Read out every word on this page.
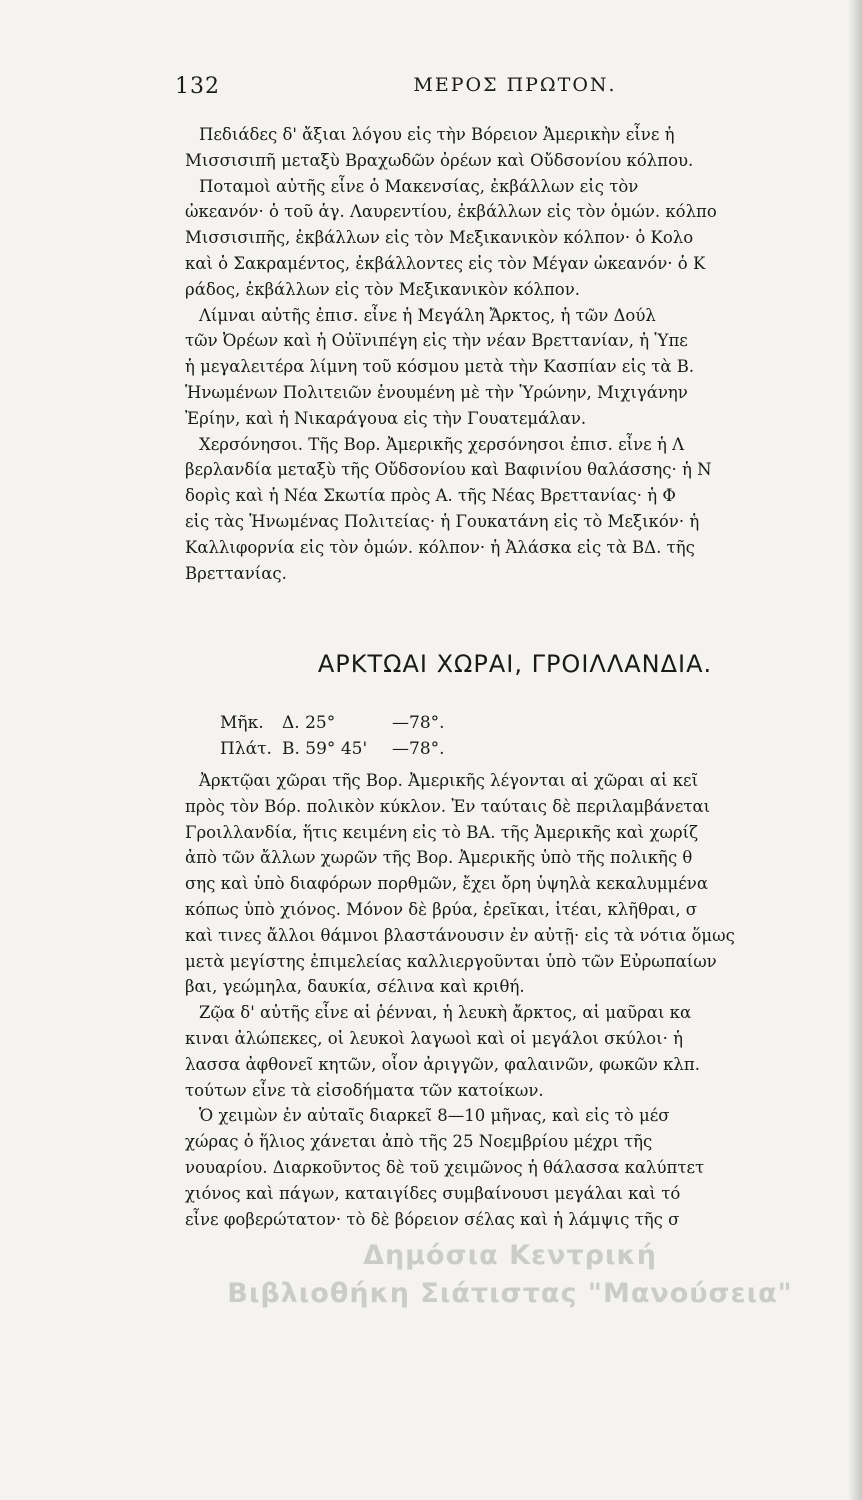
132	ΜΕΡΟΣ ΠΡΩΤΟΝ.

Πεδιάδες δ' ἄξιαι λόγου εἰς τὴν Βόρειον Ἀμερικὴν εἶνε ἡ

Μισσισιπῆ μεταξὺ Βραχωδῶν ὀρέων καὶ Οὔδσονίου κόλπου.

Ποταμοὶ αὐτῆς εἶνε ὁ Μακενσίας, ἐκβάλλων εἰς τὸν

ὠκεανόν· ὁ τοῦ ἁγ. Λαυρεντίου, ἐκβάλλων εἰς τὸν ὁμών. κόλπο

Μισσισιπῆς, ἐκβάλλων εἰς τὸν Μεξικανικὸν κόλπον· ὁ Κολο

καὶ ὁ Σακραμέντος, ἐκβάλλοντες εἰς τὸν Μέγαν ὠκεανόν· ὁ Κ

ράδος, ἐκβάλλων εἰς τὸν Μεξικανικὸν κόλπον.

Λίμναι αὐτῆς ἐπισ. εἶνε ἡ Μεγάλη Ἄρκτος, ἡ τῶν Δούλ

τῶν Ὀρέων καὶ ἡ Οὐϊνιπέγη εἰς τὴν νέαν Βρεττανίαν, ἡ Ὑπε

ἡ μεγαλειτέρα λίμνη τοῦ κόσμου μετὰ τὴν Κασπίαν εἰς τὰ Β.

Ἡνωμένων Πολιτειῶν ἑνουμένη μὲ τὴν Ὑρώνην, Μιχιγάνην

Ἐρίην, καὶ ἡ Νικαράγουα εἰς τὴν Γουατεμάλαν.

Χερσόνησοι. Τῆς Βορ. Ἀμερικῆς χερσόνησοι ἐπισ. εἶνε ἡ Λ

βερλανδία μεταξὺ τῆς Οὔδσονίου καὶ Βαφινίου θαλάσσης· ἡ Ν

δορὶς καὶ ἡ Νέα Σκωτία πρὸς Α. τῆς Νέας Βρεττανίας· ἡ Φ

εἰς τὰς Ἡνωμένας Πολιτείας· ἡ Γουκατάνη εἰς τὸ Μεξικόν· ἡ

Καλλιφορνία εἰς τὸν ὁμών. κόλπον· ἡ Ἀλάσκα εἰς τὰ ΒΔ. τῆς

Βρεττανίας.

ΑΡΚΤΩΑΙ ΧΩΡΑΙ, ΓΡΟΙΛΛΑΝΔΙΑ.
Μῆκ. Δ. 25°	—78°.
Πλάτ. Β. 59° 45' —78°.

Ἀρκτῷαι χῶραι τῆς Βορ. Ἀμερικῆς λέγονται αἱ χῶραι αἱ κεῖ

πρὸς τὸν Βόρ. πολικὸν κύκλον. Ἐν ταύταις δὲ περιλαμβάνεται

Γροιλλανδία, ἥτις κειμένη εἰς τὸ ΒΑ. τῆς Ἀμερικῆς καὶ χωρίζ

ἀπὸ τῶν ἄλλων χωρῶν τῆς Βορ. Ἀμερικῆς ὑπὸ τῆς πολικῆς θ

σης καὶ ὑπὸ διαφόρων πορθμῶν, ἔχει ὄρη ὑψηλὰ κεκαλυμμένα

κόπως ὑπὸ χιόνος. Μόνον δὲ βρύα, ἐρεῖκαι, ἰτέαι, κλῆθραι, σ

καὶ τινες ἄλλοι θάμνοι βλαστάνουσιν ἐν αὐτῇ· εἰς τὰ νότια ὅμως

μετὰ μεγίστης ἐπιμελείας καλλιεργοῦνται ὑπὸ τῶν Εὐρωπαίων

βαι, γεώμηλα, δαυκία, σέλινα καὶ κριθή.

Ζῷα δ' αὐτῆς εἶνε αἱ ῥένναι, ἡ λευκὴ ἄρκτος, αἱ μαῦραι κα

κιναι ἀλώπεκες, οἱ λευκοὶ λαγωοὶ καὶ οἱ μεγάλοι σκύλοι· ἡ

λασσα ἀφθονεῖ κητῶν, οἷον ἀριγγῶν, φαλαινῶν, φωκῶν κλπ.

τούτων εἶνε τὰ εἰσοδήματα τῶν κατοίκων.

Ὁ χειμὼν ἐν αὐταῖς διαρκεῖ 8—10 μῆνας, καὶ εἰς τὸ μέσ

χώρας ὁ ἥλιος χάνεται ἀπὸ τῆς 25 Νοεμβρίου μέχρι τῆς

νουαρίου. Διαρκοῦντος δὲ τοῦ χειμῶνος ἡ θάλασσα καλύπτετ

χιόνος καὶ πάγων, καταιγίδες συμβαίνουσι μεγάλαι καὶ τό

εἶνε φοβερώτατον· τὸ δὲ βόρειον σέλας καὶ ἡ λάμψις τῆς σ

Δημόσια Κεντρική
Βιβλιοθήκη Σιάτιστας "Μανούσεια"
